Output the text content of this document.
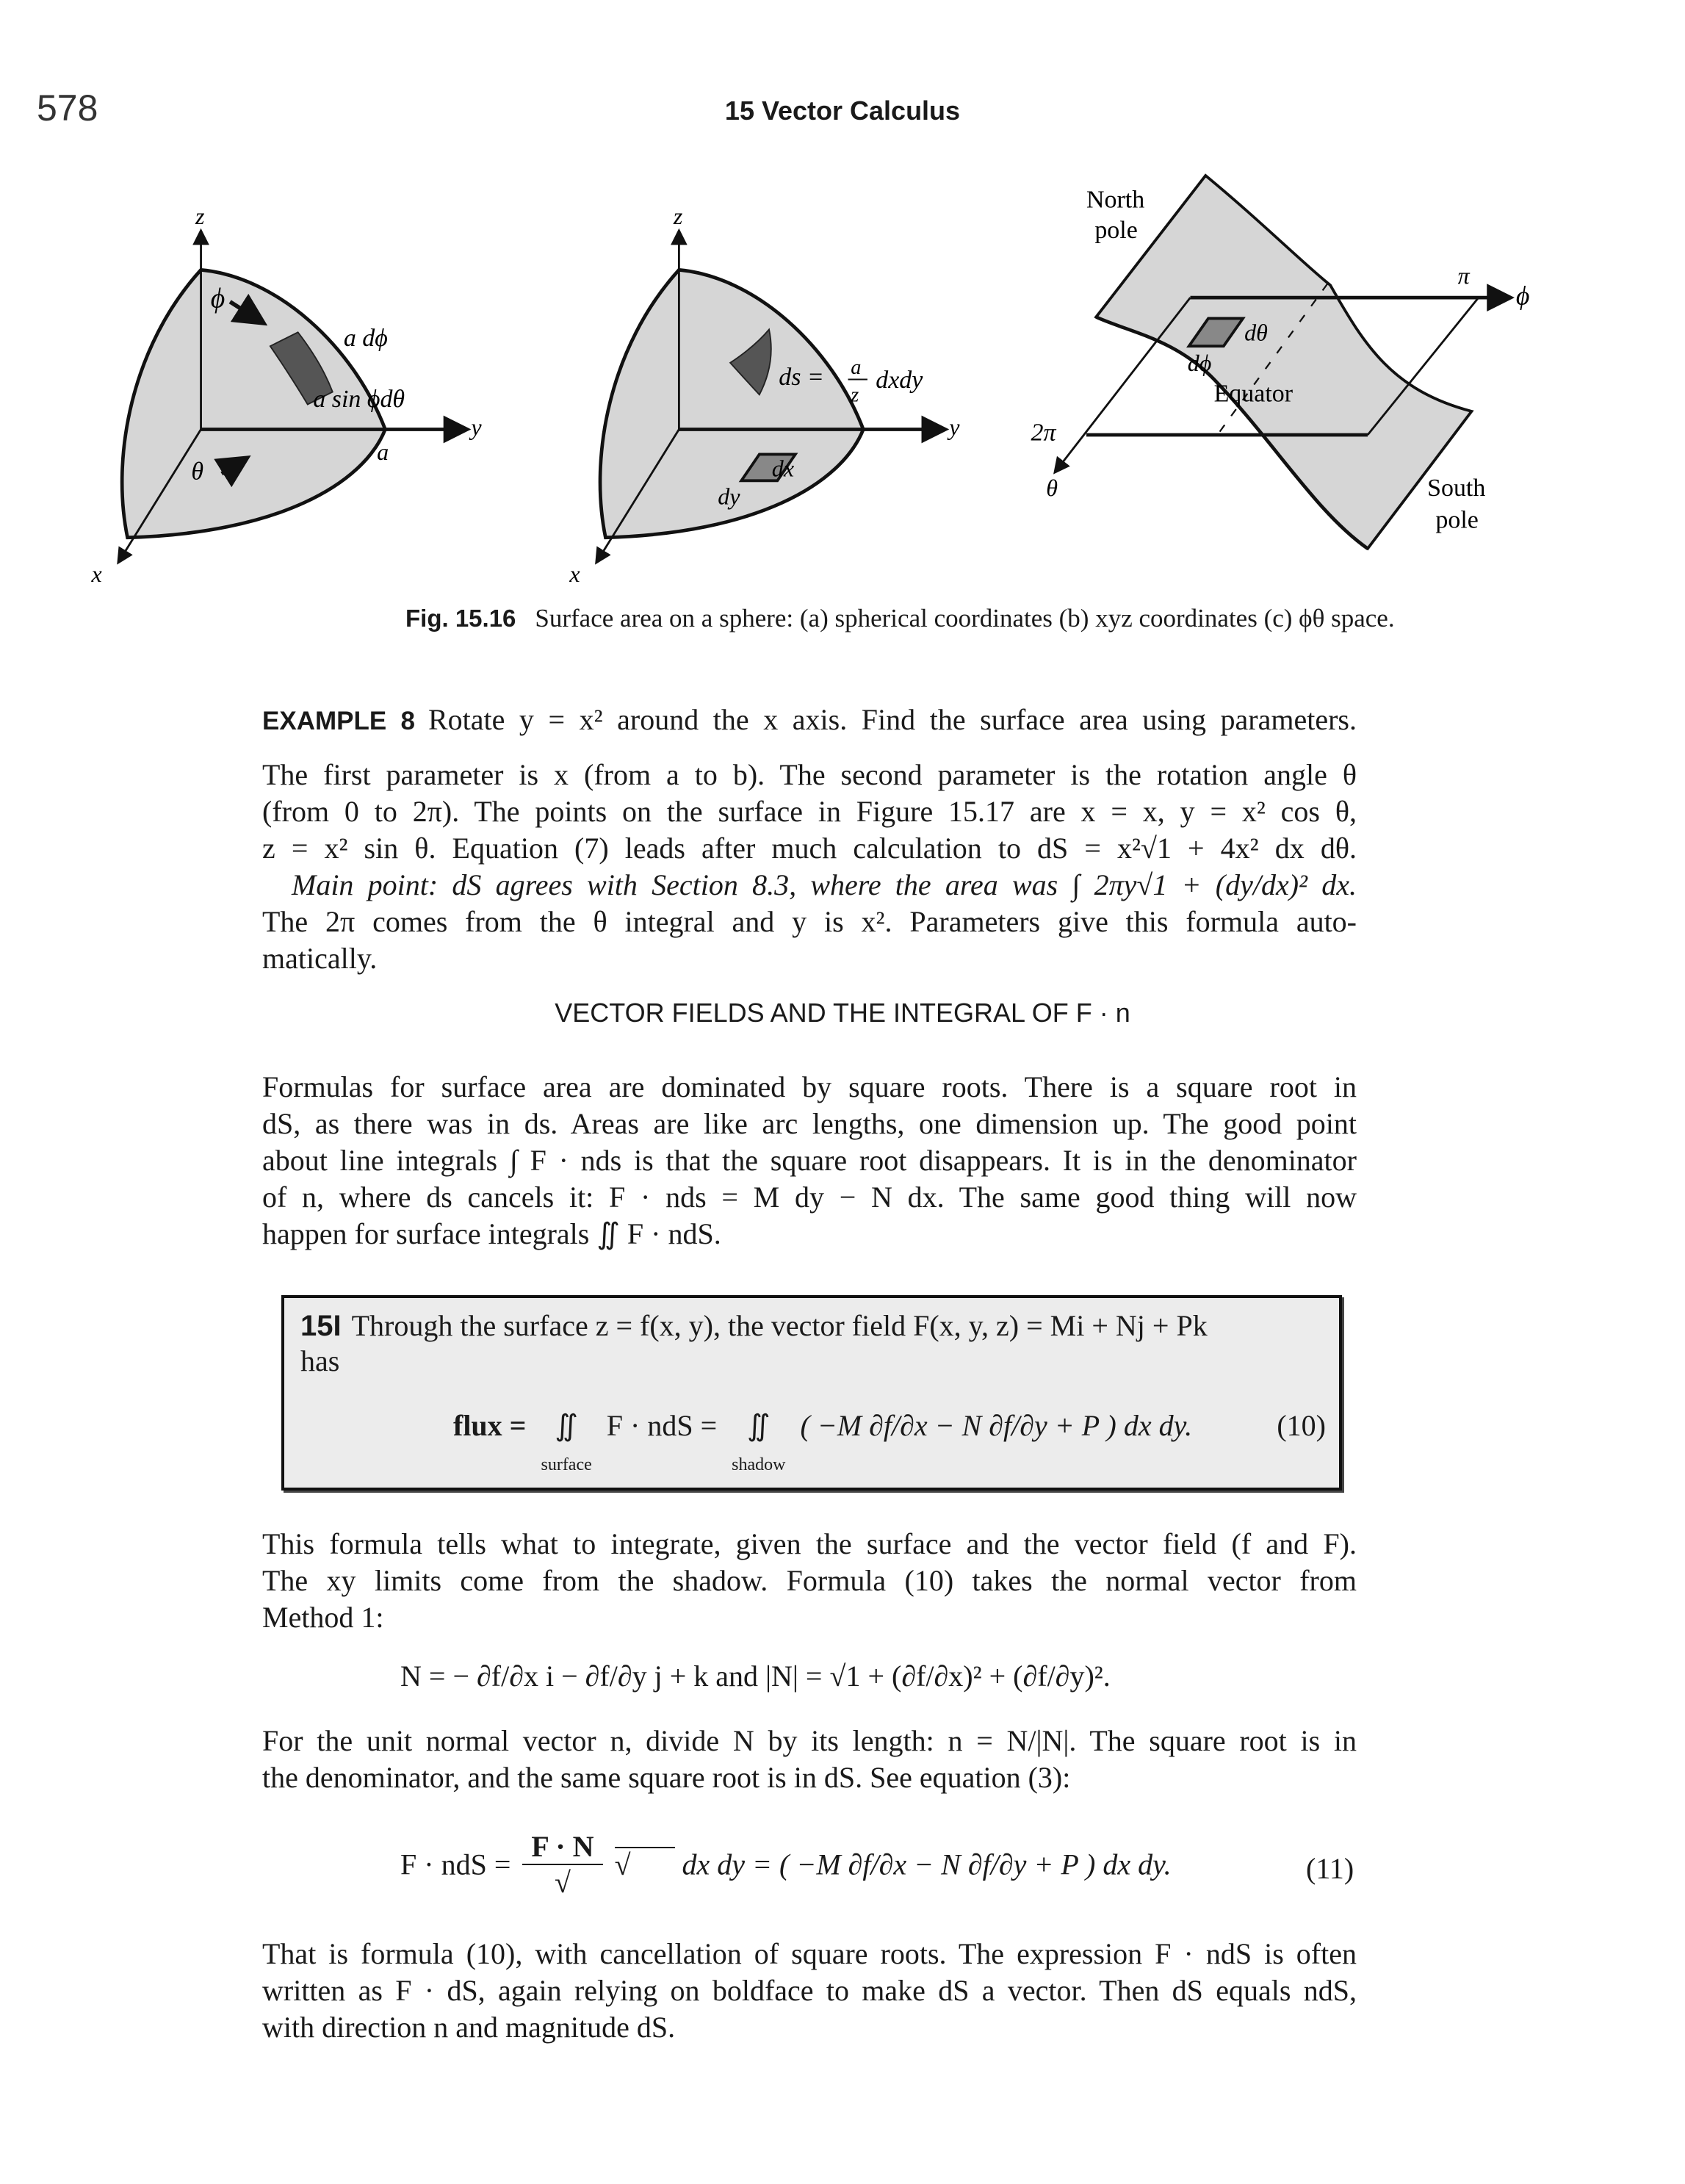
578	15 Vector Calculus
z
y
x
ϕ
θ
a dϕ
a sin ϕdθ
a
z
y
x
ds = a
z
dxdy
dx
dy
North
pole
π
ϕ
dθ
dϕ
Equator
2π
θ	South
pole
Fig. 15.16 Surface area on a sphere: (a) spherical coordinates (b) xyz coordinates (c) ϕθ space.
EXAMPLE 8 Rotate y = x² around the x axis. Find the surface area using parameters.
The first parameter is x (from a to b). The second parameter is the rotation angle θ
(from 0 to 2π). The points on the surface in Figure 15.17 are x = x, y = x² cos θ,
z = x² sin θ. Equation (7) leads after much calculation to dS = x²√1 + 4x² dx dθ.
Main point: dS agrees with Section 8.3, where the area was ∫ 2πy√1 + (dy/dx)² dx.
The 2π comes from the θ integral and y is x². Parameters give this formula auto-
matically.
VECTOR FIELDS AND THE INTEGRAL OF F · n
Formulas for surface area are dominated by square roots. There is a square root in
dS, as there was in ds. Areas are like arc lengths, one dimension up. The good point
about line integrals ∫ F · nds is that the square root disappears. It is in the denominator
of n, where ds cancels it: F · nds = M dy − N dx. The same good thing will now
happen for surface integrals ∬ F · ndS.
15I Through the surface z = f(x, y), the vector field F(x, y, z) = Mi + Nj + Pk
has
flux = ∬
surface F · ndS = ∬
shadow ( −M ∂f/∂x − N ∂f/∂y + P ) dx dy.	(10)
This formula tells what to integrate, given the surface and the vector field (f and F).
The xy limits come from the shadow. Formula (10) takes the normal vector from
Method 1:
N = − ∂f/∂x i − ∂f/∂y j + k and |N| = √1 + (∂f/∂x)² + (∂f/∂y)².
For the unit normal vector n, divide N by its length: n = N/|N|. The square root is in
the denominator, and the same square root is in dS. See equation (3):
F · ndS =
F · N
√
√ dx dy = ( −M ∂f/∂x − N ∂f/∂y + P ) dx dy.	(11)
That is formula (10), with cancellation of square roots. The expression F · ndS is often
written as F · dS, again relying on boldface to make dS a vector. Then dS equals ndS,
with direction n and magnitude dS.
